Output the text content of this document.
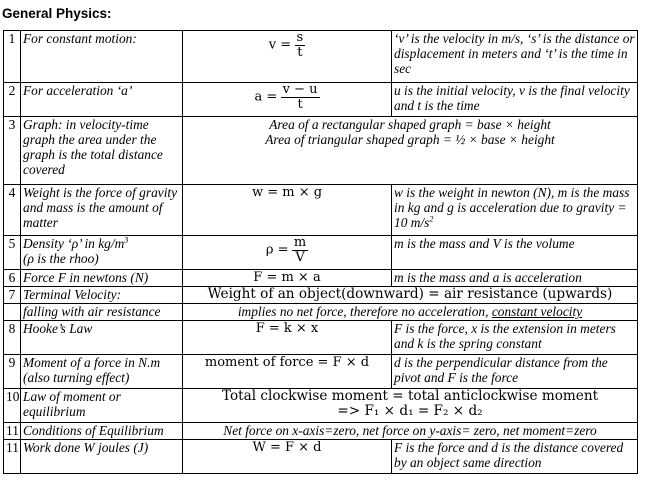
General Physics:
1	For constant motion:	$v = \frac{s}{t}$	‘v’ is the velocity in m/s, ‘s’ is the distance or displacement in meters and ‘t’ is the time in sec
2	For acceleration ‘a’	$a = \frac{v - u}{t}$	u is the initial velocity, v is the final velocity and t is the time
3	Graph: in velocity-time graph the area under the graph is the total distance covered	Area of a rectangular shaped graph = base × height
Area of triangular shaped graph = ½ × base × height	

4	Weight is the force of gravity and mass is the amount of matter	w = m × g	w is the weight in newton (N), m is the mass in kg and g is acceleration due to gravity = 10 $m/s^2$
5	Density ‘ρ’ in $kg/m^3$
(ρ is the rhoo)	$\rho = \frac{m}{V}$	m is the mass and V is the volume
6	Force F in newtons (N)	F = m × a	m is the mass and a is acceleration
7	Terminal Velocity:	Weight of an object(downward) = air resistance (upwards)	
	falling with air resistance	implies no net force, therefore no acceleration, constant velocity	
8	Hooke’s Law	F = k × x	F is the force, x is the extension in meters and k is the spring constant
9	Moment of a force in N.m (also turning effect)	moment of force = F × d	d is the perpendicular distance from the pivot and F is the force
10	Law of moment or equilibrium	Total clockwise moment = total anticlockwise moment
=> F₁ × d₁ = F₂ × d₂	

11	Conditions of Equilibrium	Net force on x-axis=zero, net force on y-axis= zero, net moment=zero	
11	Work done W joules (J)	W = F × d	F is the force and d is the distance covered by an object same direction
